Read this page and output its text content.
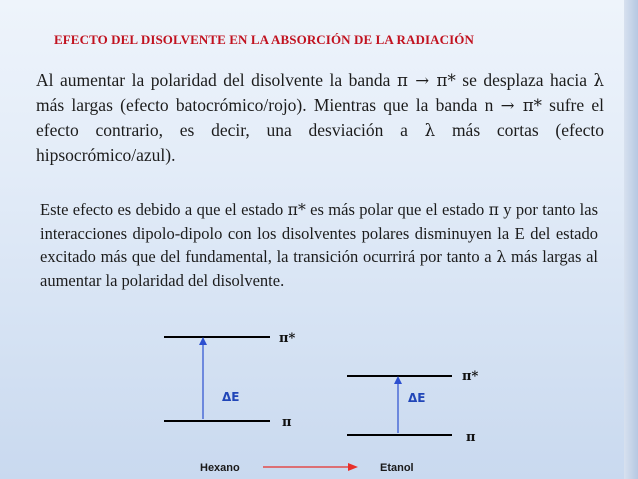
EFECTO DEL DISOLVENTE EN LA ABSORCIÓN DE LA RADIACIÓN

Al aumentar la polaridad del disolvente la banda π → π* se desplaza hacia λ más largas (efecto batocrómico/rojo). Mientras que la banda n → π* sufre el efecto contrario, es decir, una desviación a λ más cortas (efecto hipsocrómico/azul).

Este efecto es debido a que el estado π* es más polar que el estado π y por tanto las interacciones dipolo-dipolo con los disolventes polares disminuyen la E del estado excitado más que del fundamental, la transición ocurrirá por tanto a λ más largas al aumentar la polaridad del disolvente.

π*
π
ΔE
π*
π
ΔE
Hexano	Etanol
